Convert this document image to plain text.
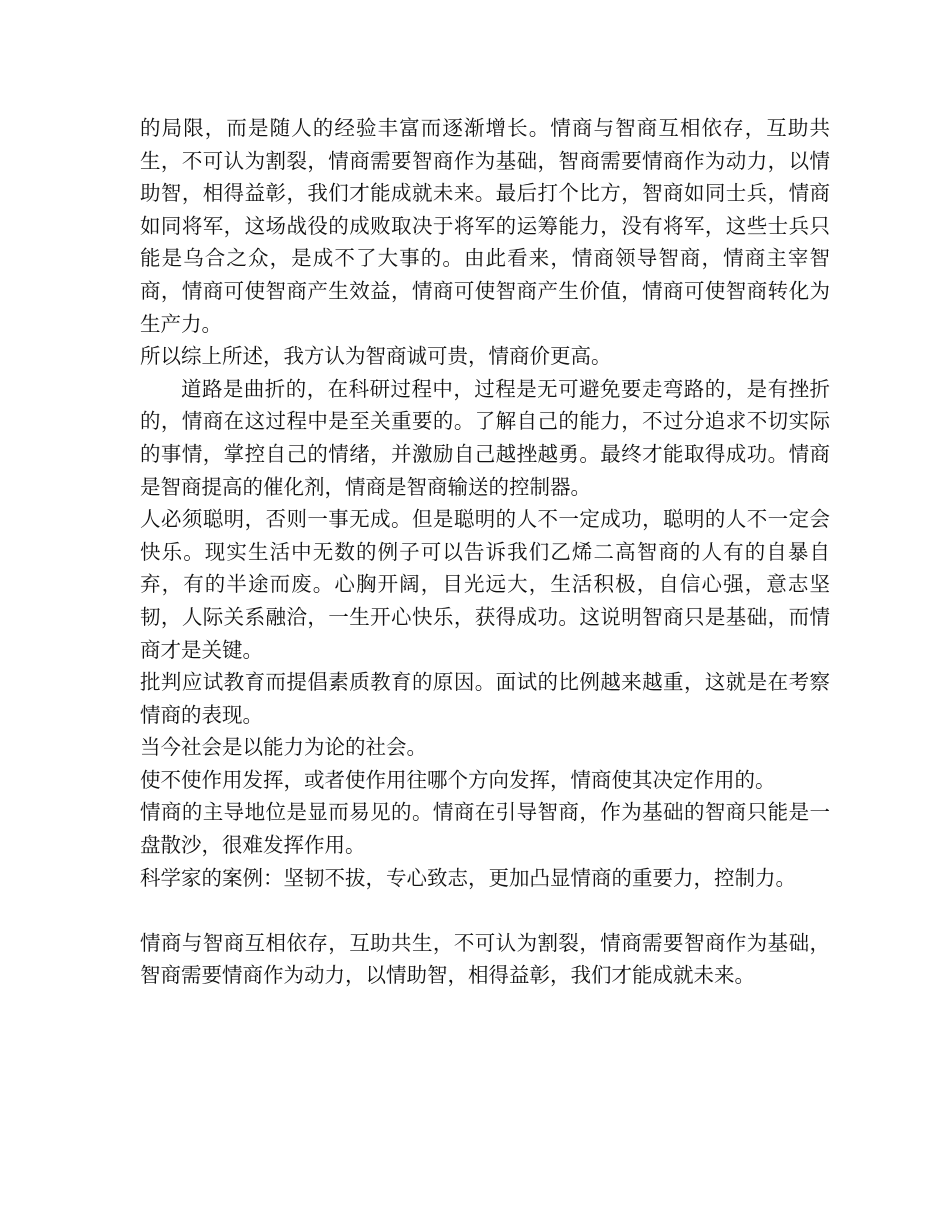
的局限，而是随人的经验丰富而逐渐增长。情商与智商互相依存，互助共生，不可认为割裂，情商需要智商作为基础，智商需要情商作为动力，以情助智，相得益彰，我们才能成就未来。最后打个比方，智商如同士兵，情商如同将军，这场战役的成败取决于将军的运筹能力，没有将军，这些士兵只能是乌合之众，是成不了大事的。由此看来，情商领导智商，情商主宰智商，情商可使智商产生效益，情商可使智商产生价值，情商可使智商转化为生产力。

所以综上所述，我方认为智商诚可贵，情商价更高。

道路是曲折的，在科研过程中，过程是无可避免要走弯路的，是有挫折的，情商在这过程中是至关重要的。了解自己的能力，不过分追求不切实际的事情，掌控自己的情绪，并激励自己越挫越勇。最终才能取得成功。情商是智商提高的催化剂，情商是智商输送的控制器。

人必须聪明，否则一事无成。但是聪明的人不一定成功，聪明的人不一定会快乐。现实生活中无数的例子可以告诉我们乙烯二高智商的人有的自暴自弃，有的半途而废。心胸开阔，目光远大，生活积极，自信心强，意志坚韧，人际关系融洽，一生开心快乐，获得成功。这说明智商只是基础，而情商才是关键。

批判应试教育而提倡素质教育的原因。面试的比例越来越重，这就是在考察情商的表现。

当今社会是以能力为论的社会。

使不使作用发挥，或者使作用往哪个方向发挥，情商使其决定作用的。

情商的主导地位是显而易见的。情商在引导智商，作为基础的智商只能是一盘散沙，很难发挥作用。

科学家的案例：坚韧不拔，专心致志，更加凸显情商的重要力，控制力。

情商与智商互相依存，互助共生，不可认为割裂，情商需要智商作为基础，智商需要情商作为动力，以情助智，相得益彰，我们才能成就未来。
